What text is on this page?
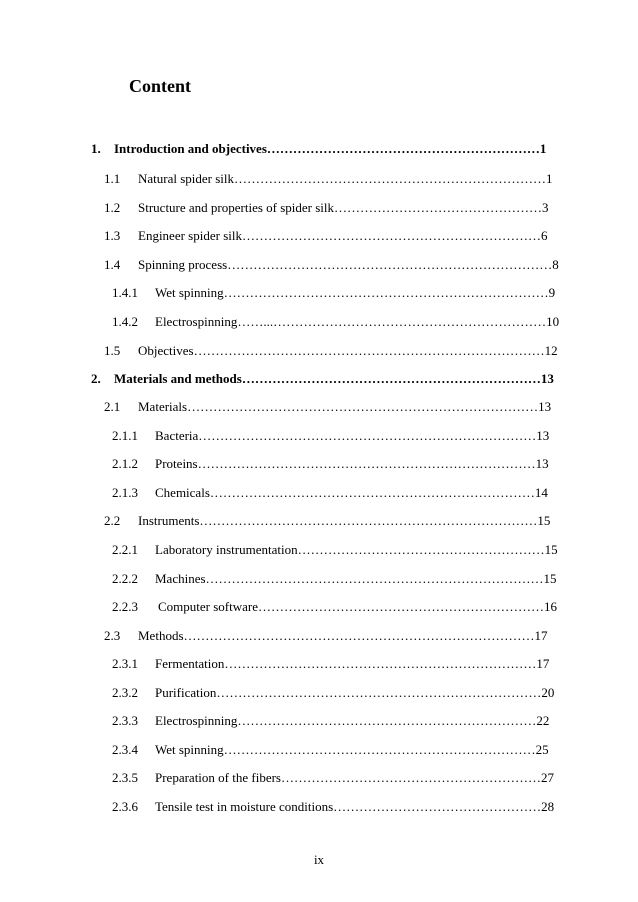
Content
1. Introduction and objectives………………………………………………………1
1.1 Natural spider silk………………………………………………………………1
1.2 Structure and properties of spider silk…………………………………………3
1.3 Engineer spider silk……………………………………………………………6
1.4 Spinning process…………………………………………………………………8
1.4.1 Wet spinning…………………………………………………………………9
1.4.2 Electrospinning……...………………………………………………………10
1.5 Objectives………………………………………………………………………12
2. Materials and methods……………………………………………………………13
2.1 Materials………………………………………………………………………13
2.1.1 Bacteria……………………………………………………………………13
2.1.2 Proteins……………………………………………………………………13
2.1.3 Chemicals…………………………………………………………………14
2.2 Instruments……………………………………………………………………15
2.2.1 Laboratory instrumentation…………………………………………………15
2.2.2 Machines……………………………………………………………………15
2.2.3 Computer software…………………………………………………………16
2.3 Methods………………………………………………………………………17
2.3.1 Fermentation………………………………………………………………17
2.3.2 Purification…………………………………………………………………20
2.3.3 Electrospinning……………………………………………………………22
2.3.4 Wet spinning………………………………………………………………25
2.3.5 Preparation of the fibers……………………………………………………27
2.3.6 Tensile test in moisture conditions…………………………………………28
ix
